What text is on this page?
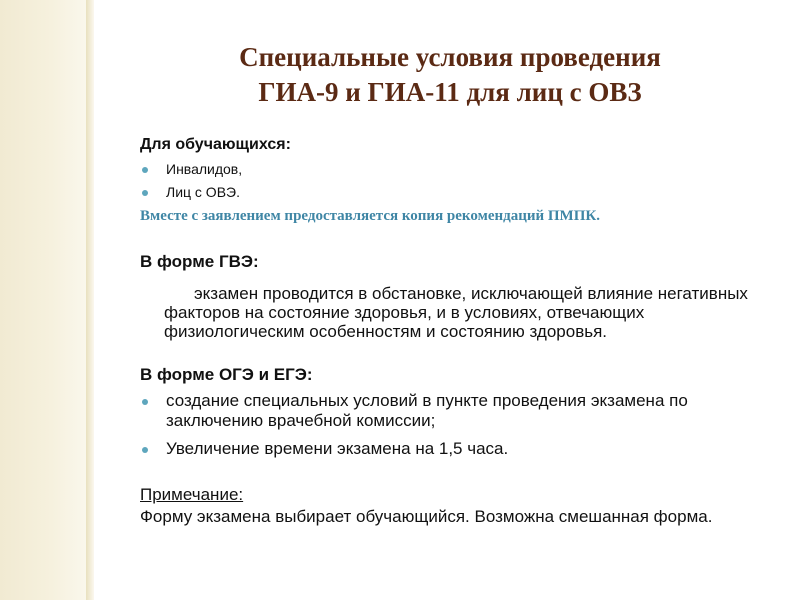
Специальные условия проведения
ГИА-9 и ГИА-11 для лиц с ОВЗ

Для обучающихся:

Инвалидов,
Лиц с ОВЭ.
Вместе с заявлением предоставляется копия рекомендаций ПМПК.

В форме ГВЭ:

экзамен проводится в обстановке, исключающей влияние негативных факторов на состояние здоровья, и в условиях, отвечающих физиологическим особенностям и состоянию здоровья.

В форме ОГЭ и ЕГЭ:

создание специальных условий в пункте проведения экзамена по заключению врачебной комиссии;
Увеличение времени экзамена на 1,5 часа.

Примечание:

Форму экзамена выбирает обучающийся. Возможна смешанная форма.
